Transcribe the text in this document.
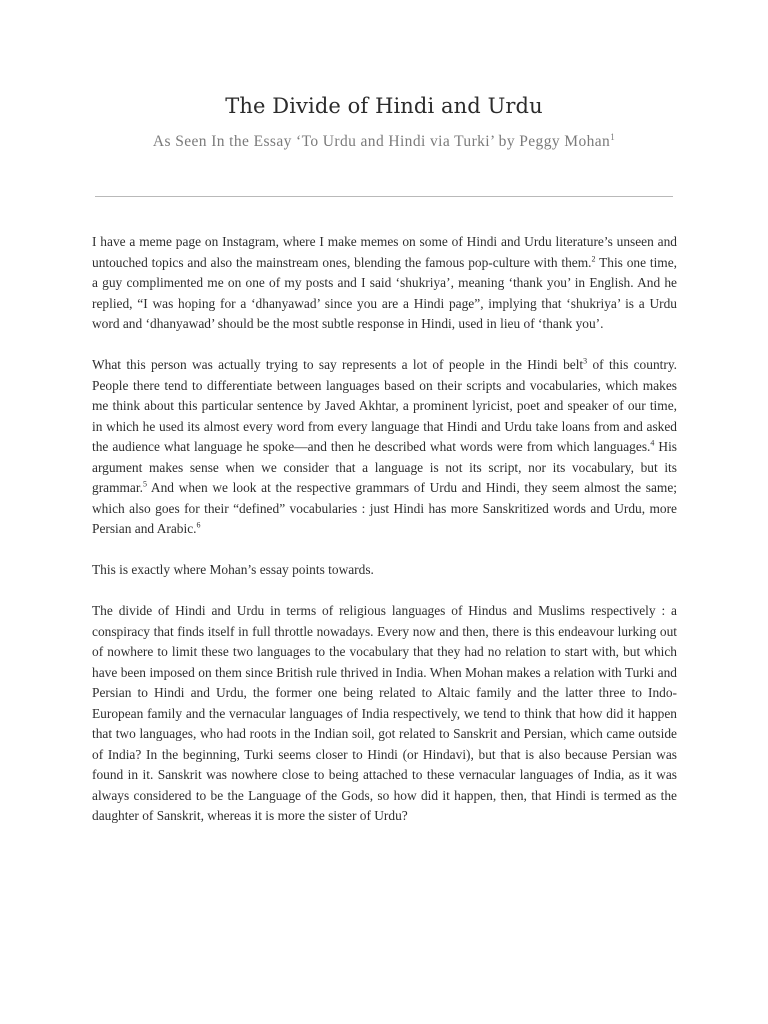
The Divide of Hindi and Urdu
As Seen In the Essay ‘To Urdu and Hindi via Turki’ by Peggy Mohan$^1$

I have a meme page on Instagram, where I make memes on some of Hindi and Urdu literature’s unseen and untouched topics and also the mainstream ones, blending the famous pop-culture with them.$^2$ This one time, a guy complimented me on one of my posts and I said ‘shukriya’, meaning ‘thank you’ in English. And he replied, “I was hoping for a ‘dhanyawad’ since you are a Hindi page”, implying that ‘shukriya’ is a Urdu word and ‘dhanyawad’ should be the most subtle response in Hindi, used in lieu of ‘thank you’.

What this person was actually trying to say represents a lot of people in the Hindi belt$^3$ of this country. People there tend to differentiate between languages based on their scripts and vocabularies, which makes me think about this particular sentence by Javed Akhtar, a prominent lyricist, poet and speaker of our time, in which he used its almost every word from every language that Hindi and Urdu take loans from and asked the audience what language he spoke—and then he described what words were from which languages.$^4$ His argument makes sense when we consider that a language is not its script, nor its vocabulary, but its grammar.$^5$ And when we look at the respective grammars of Urdu and Hindi, they seem almost the same; which also goes for their “defined” vocabularies : just Hindi has more Sanskritized words and Urdu, more Persian and Arabic.$^6$

This is exactly where Mohan’s essay points towards.

The divide of Hindi and Urdu in terms of religious languages of Hindus and Muslims respectively : a conspiracy that finds itself in full throttle nowadays. Every now and then, there is this endeavour lurking out of nowhere to limit these two languages to the vocabulary that they had no relation to start with, but which have been imposed on them since British rule thrived in India. When Mohan makes a relation with Turki and Persian to Hindi and Urdu, the former one being related to Altaic family and the latter three to Indo-European family and the vernacular languages of India respectively, we tend to think that how did it happen that two languages, who had roots in the Indian soil, got related to Sanskrit and Persian, which came outside of India? In the beginning, Turki seems closer to Hindi (or Hindavi), but that is also because Persian was found in it. Sanskrit was nowhere close to being attached to these vernacular languages of India, as it was always considered to be the Language of the Gods, so how did it happen, then, that Hindi is termed as the daughter of Sanskrit, whereas it is more the sister of Urdu?
